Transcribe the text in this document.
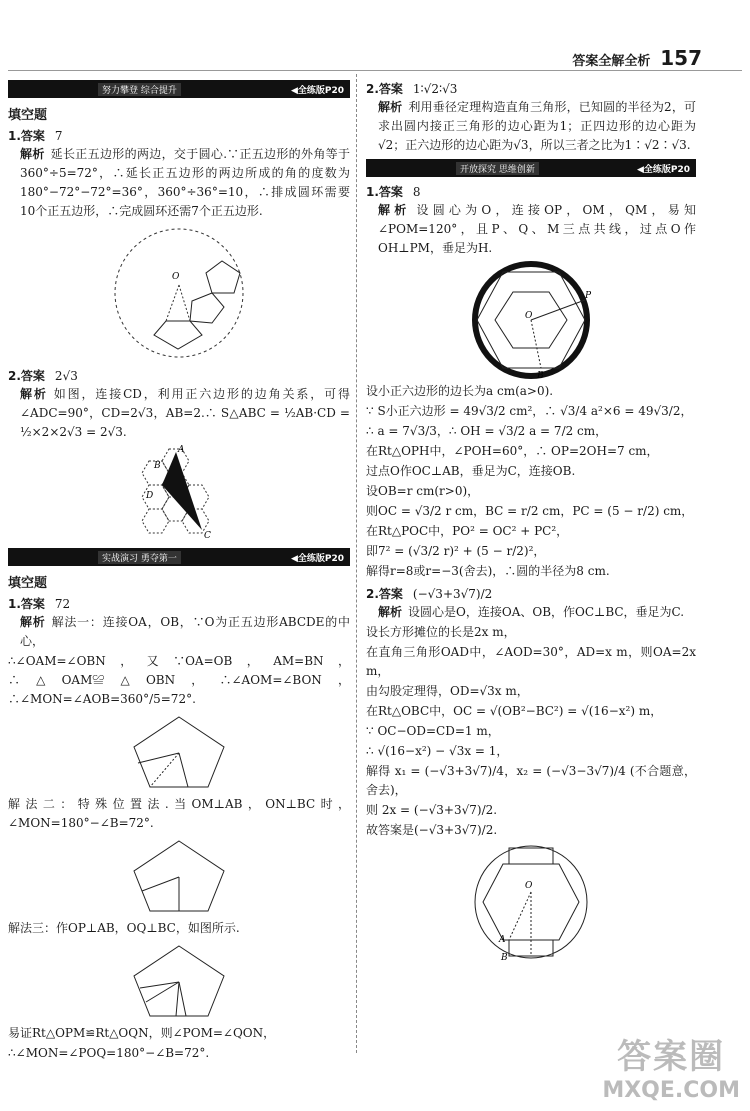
答案全解全析 157
努力攀登 综合提升	◀全练版P20
填空题
1.答案 7

解析 延长正五边形的两边，交于圆心.∵正五边形的外角等于360°÷5=72°，∴延长正五边形的两边所成的角的度数为180°−72°−72°=36°，360°÷36°=10，∴排成圆环需要10个正五边形，∴完成圆环还需7个正五边形.

O
2.答案 2√3

解析 如图，连接CD，利用正六边形的边角关系，可得∠ADC=90°，CD=2√3，AB=2.∴ S△ABC = ½AB·CD = ½×2×2√3 = 2√3.

A
C
D
B
实战演习 勇夺第一	◀全练版P20
填空题
1.答案 72

解析 解法一：连接OA，OB，∵O为正五边形ABCDE的中心，

∴∠OAM=∠OBN，又∵OA=OB，AM=BN，∴△OAM≌△OBN，∴∠AOM=∠BON，∴∠MON=∠AOB=360°/5=72°.

解法二：特殊位置法.当OM⊥AB，ON⊥BC时，∠MON=180°−∠B=72°.

解法三：作OP⊥AB，OQ⊥BC，如图所示.

易证Rt△OPM≌Rt△OQN，则∠POM=∠QON，

∴∠MON=∠POQ=180°−∠B=72°.

2.答案 1∶√2∶√3

解析 利用垂径定理构造直角三角形，已知圆的半径为2，可求出圆内接正三角形的边心距为1；正四边形的边心距为√2；正六边形的边心距为√3，所以三者之比为1∶√2∶√3.

开放探究 思维创新	◀全练版P20
1.答案 8

解析 设圆心为O，连接OP，OM，QM，易知∠POM=120°，且P、Q、M三点共线，过点O作OH⊥PM，垂足为H.

O
P
B

设小正六边形的边长为a cm(a>0).

∵ S小正六边形 = 49√3/2 cm²，∴ √3/4 a²×6 = 49√3/2，

∴ a = 7√3/3，∴ OH = √3/2 a = 7/2 cm，

在Rt△OPH中，∠POH=60°，∴ OP=2OH=7 cm，

过点O作OC⊥AB，垂足为C，连接OB.

设OB=r cm(r>0)，

则OC = √3/2 r cm，BC = r/2 cm，PC = (5 − r/2) cm，

在Rt△POC中，PO² = OC² + PC²，

即7² = (√3/2 r)² + (5 − r/2)²，

解得r=8或r=−3(舍去)，∴圆的半径为8 cm.

2.答案 (−√3+3√7)/2

解析 设圆心是O，连接OA、OB，作OC⊥BC，垂足为C.

设长方形摊位的长是2x m，

在直角三角形OAD中，∠AOD=30°，AD=x m，则OA=2x m，

由勾股定理得，OD=√3x m，

在Rt△OBC中，OC = √(OB²−BC²) = √(16−x²) m，

∵ OC−OD=CD=1 m，

∴ √(16−x²) − √3x = 1，

解得 x₁ = (−√3+3√7)/4，x₂ = (−√3−3√7)/4 (不合题意，舍去)，

则 2x = (−√3+3√7)/2.

故答案是(−√3+3√7)/2.

O
A
B
答案圈
MXQE.COM
